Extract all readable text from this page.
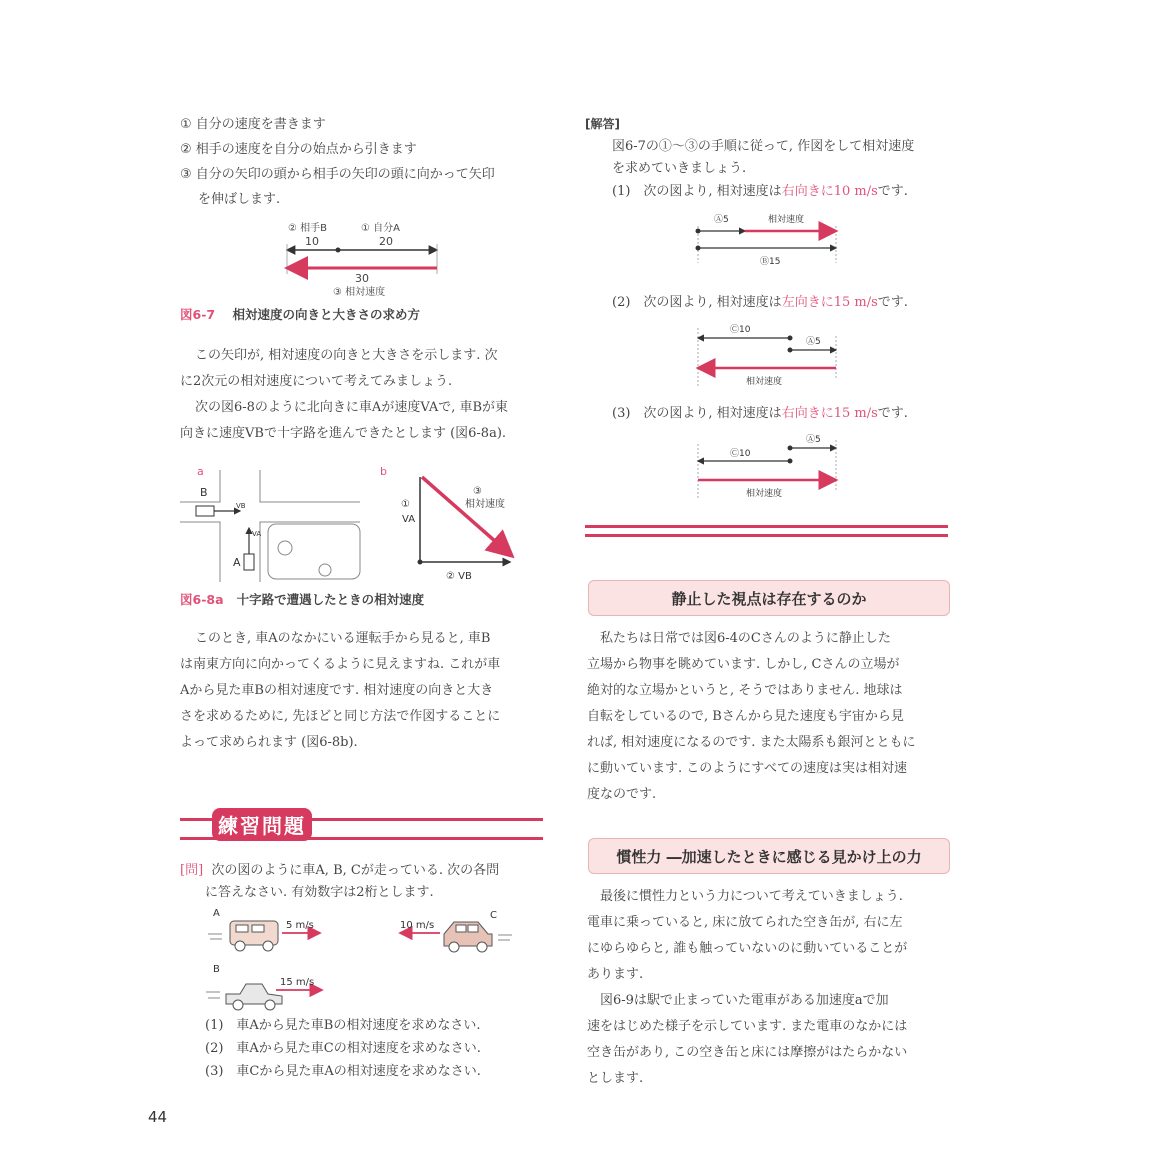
① 自分の速度を書きます
② 相手の速度を自分の始点から引きます
③ 自分の矢印の頭から相手の矢印の頭に向かって矢印
を伸ばします.
② 相手B
10
① 自分A
20
30
③ 相対速度
図6-7 相対速度の向きと大きさの求め方
この矢印が, 相対速度の向きと大きさを示します. 次
に2次元の相対速度について考えてみましょう.
次の図6-8のように北向きに車Aが速度VAで, 車Bが東
向きに速度VBで十字路を進んできたとします (図6-8a).
a	b
B
VB
A
VA
①
VA
③
相対速度
② VB
図6-8a 十字路で遭遇したときの相対速度
このとき, 車Aのなかにいる運転手から見ると, 車B
は南東方向に向かってくるように見えますね. これが車
Aから見た車Bの相対速度です. 相対速度の向きと大き
さを求めるために, 先ほどと同じ方法で作図することに
よって求められます (図6-8b).
練習問題
[問] 次の図のように車A, B, Cが走っている. 次の各問
に答えなさい. 有効数字は2桁とします.
A
5 m/s
C
10 m/s
B
15 m/s
(1)　車Aから見た車Bの相対速度を求めなさい.
(2)　車Aから見た車Cの相対速度を求めなさい.
(3)　車Cから見た車Aの相対速度を求めなさい.
44
[解答]
図6-7の①～③の手順に従って, 作図をして相対速度
を求めていきましょう.
(1)　次の図より, 相対速度は右向きに10 m/sです.
Ⓐ5	相対速度
Ⓑ15
(2)　次の図より, 相対速度は左向きに15 m/sです.
Ⓒ10
Ⓐ5
相対速度
(3)　次の図より, 相対速度は右向きに15 m/sです.
Ⓐ5
Ⓒ10
相対速度
静止した視点は存在するのか
私たちは日常では図6-4のCさんのように静止した
立場から物事を眺めています. しかし, Cさんの立場が
絶対的な立場かというと, そうではありません. 地球は
自転をしているので, Bさんから見た速度も宇宙から見
れば, 相対速度になるのです. また太陽系も銀河とともに
に動いています. このようにすべての速度は実は相対速
度なのです.
慣性力 ―加速したときに感じる見かけ上の力
最後に慣性力という力について考えていきましょう.
電車に乗っていると, 床に放てられた空き缶が, 右に左
にゆらゆらと, 誰も触っていないのに動いていることが
あります.
図6-9は駅で止まっていた電車がある加速度aで加
速をはじめた様子を示しています. また電車のなかには
空き缶があり, この空き缶と床には摩擦がはたらかない
とします.
